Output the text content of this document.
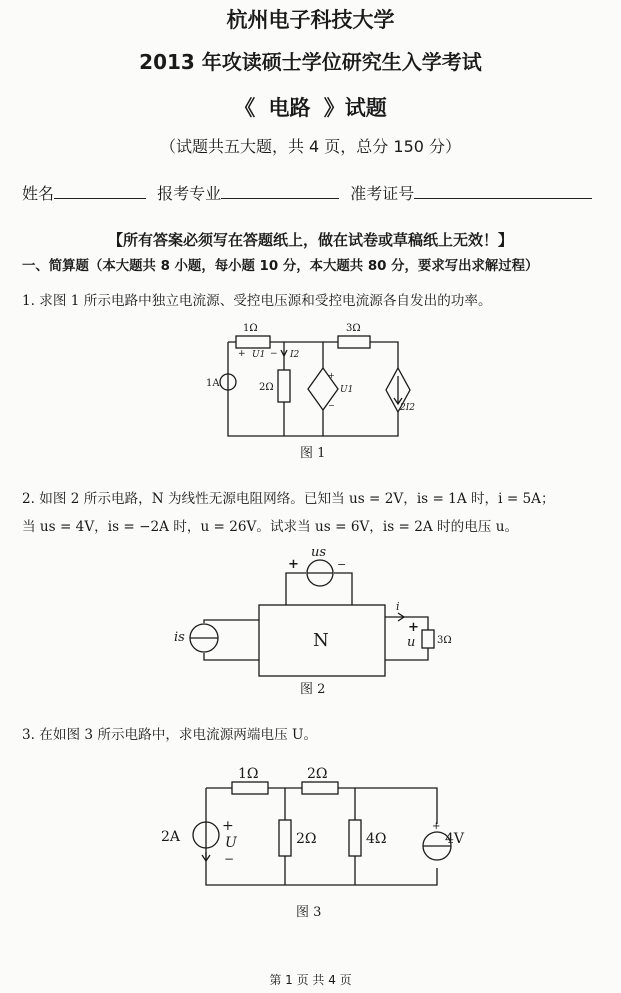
杭州电子科技大学
2013 年攻读硕士学位研究生入学考试
《 电路 》试题
（试题共五大题，共 4 页，总分 150 分）
姓名	报考专业	准考证号
【所有答案必须写在答题纸上，做在试卷或草稿纸上无效！】
一、简算题（本大题共 8 小题，每小题 10 分，本大题共 80 分，要求写出求解过程）
1. 求图 1 所示电路中独立电流源、受控电压源和受控电流源各自发出的功率。
2. 如图 2 所示电路，N 为线性无源电阻网络。已知当 us = 2V，is = 1A 时，i = 5A；
当 us = 4V，is = −2A 时，u = 26V。试求当 us = 6V，is = 2A 时的电压 u。
3. 在如图 3 所示电路中，求电流源两端电压 U。
1Ω	3Ω
2Ω
1A
+ U1 − I2
+
U1
−	2I2
图 1
us
+	−
is	N
i
+
u 3Ω
图 2
1Ω	2Ω
2Ω	4Ω
2A
+
U
−
+
4V
图 3
第 1 页 共 4 页
